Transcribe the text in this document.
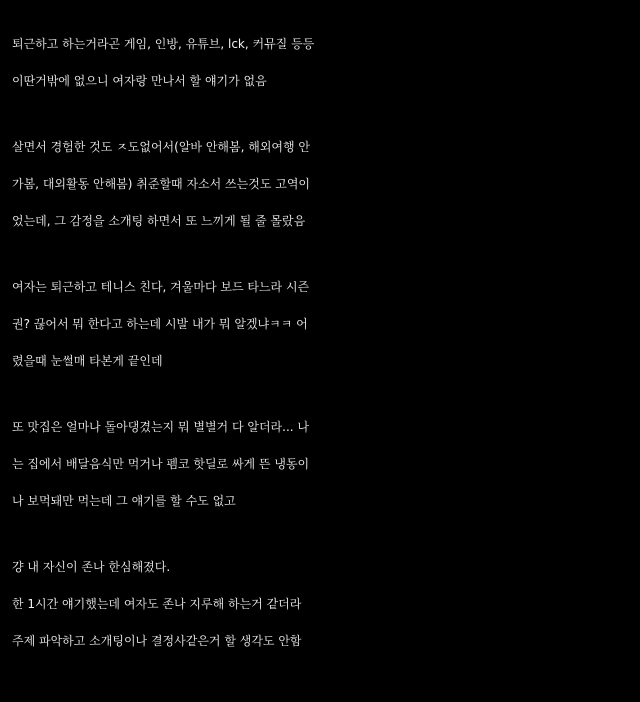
퇴근하고 하는거라곤 게임, 인방, 유튜브, lck, 커뮤질 등등
이딴거밖에 없으니 여자랑 만나서 할 얘기가 없음
살면서 경험한 것도 ㅈ도없어서(알바 안해봄, 해외여행 안
가봄, 대외활동 안해봄) 취준할때 자소서 쓰는것도 고역이
었는데, 그 감정을 소개팅 하면서 또 느끼게 될 줄 몰랐음
여자는 퇴근하고 테니스 친다, 겨울마다 보드 타느라 시즌
권? 끊어서 뭐 한다고 하는데 시발 내가 뭐 알겠냐ㅋㅋ 어
렸을때 눈썰매 타본게 끝인데
또 맛집은 얼마나 돌아댕겼는지 뭐 별별거 다 알더라... 나
는 집에서 배달음식만 먹거나 펨코 핫딜로 싸게 뜬 냉동이
나 보먹돼만 먹는데 그 얘기를 할 수도 없고
걍 내 자신이 존나 한심해졌다.
한 1시간 얘기했는데 여자도 존나 지루해 하는거 같더라
주제 파악하고 소개팅이나 결정사같은거 할 생각도 안함
